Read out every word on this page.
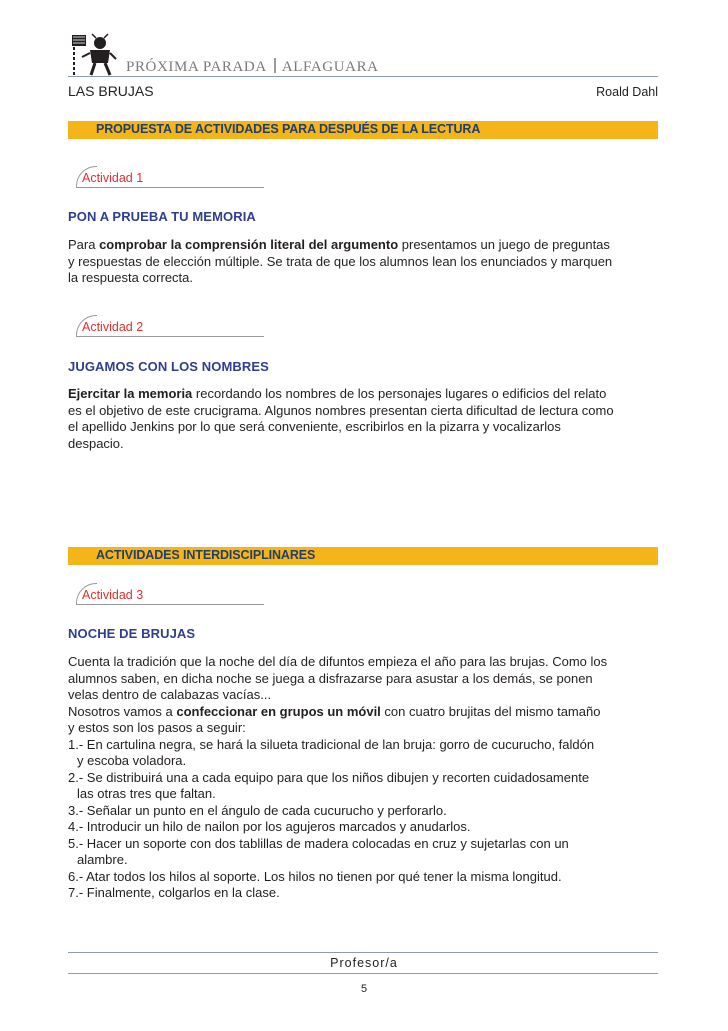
PRÓXIMA PARADA ALFAGUARA
LAS BRUJAS	Roald Dahl
PROPUESTA DE ACTIVIDADES PARA DESPUÉS DE LA LECTURA
Actividad 1
PON A PRUEBA TU MEMORIA
Para comprobar la comprensión literal del argumento presentamos un juego de preguntas
y respuestas de elección múltiple. Se trata de que los alumnos lean los enunciados y marquen
la respuesta correcta.
Actividad 2
JUGAMOS CON LOS NOMBRES
Ejercitar la memoria recordando los nombres de los personajes lugares o edificios del relato
es el objetivo de este crucigrama. Algunos nombres presentan cierta dificultad de lectura como
el apellido Jenkins por lo que será conveniente, escribirlos en la pizarra y vocalizarlos
despacio.
ACTIVIDADES INTERDISCIPLINARES
Actividad 3
NOCHE DE BRUJAS
Cuenta la tradición que la noche del día de difuntos empieza el año para las brujas. Como los
alumnos saben, en dicha noche se juega a disfrazarse para asustar a los demás, se ponen
velas dentro de calabazas vacías...
Nosotros vamos a confeccionar en grupos un móvil con cuatro brujitas del mismo tamaño
y estos son los pasos a seguir:
1.- En cartulina negra, se hará la silueta tradicional de lan bruja: gorro de cucurucho, faldón
y escoba voladora.
2.- Se distribuirá una a cada equipo para que los niños dibujen y recorten cuidadosamente
las otras tres que faltan.
3.- Señalar un punto en el ángulo de cada cucurucho y perforarlo.
4.- Introducir un hilo de nailon por los agujeros marcados y anudarlos.
5.- Hacer un soporte con dos tablillas de madera colocadas en cruz y sujetarlas con un
alambre.
6.- Atar todos los hilos al soporte. Los hilos no tienen por qué tener la misma longitud.
7.- Finalmente, colgarlos en la clase.
Profesor/a
5
